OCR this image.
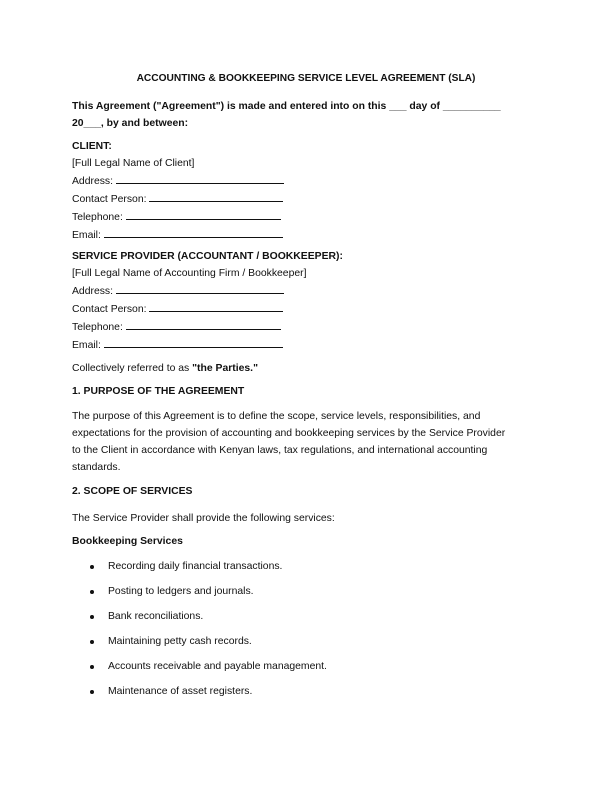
ACCOUNTING & BOOKKEEPING SERVICE LEVEL AGREEMENT (SLA)

This Agreement ("Agreement") is made and entered into on this ___ day of __________
20___, by and between:
CLIENT:
[Full Legal Name of Client]
Address:
Contact Person:
Telephone:
Email:
SERVICE PROVIDER (ACCOUNTANT / BOOKKEEPER):
[Full Legal Name of Accounting Firm / Bookkeeper]
Address:
Contact Person:
Telephone:
Email:

Collectively referred to as "the Parties."

1. PURPOSE OF THE AGREEMENT

The purpose of this Agreement is to define the scope, service levels, responsibilities, and
expectations for the provision of accounting and bookkeeping services by the Service Provider
to the Client in accordance with Kenyan laws, tax regulations, and international accounting
standards.

2. SCOPE OF SERVICES

The Service Provider shall provide the following services:

Bookkeeping Services

Recording daily financial transactions.
Posting to ledgers and journals.
Bank reconciliations.
Maintaining petty cash records.
Accounts receivable and payable management.
Maintenance of asset registers.
